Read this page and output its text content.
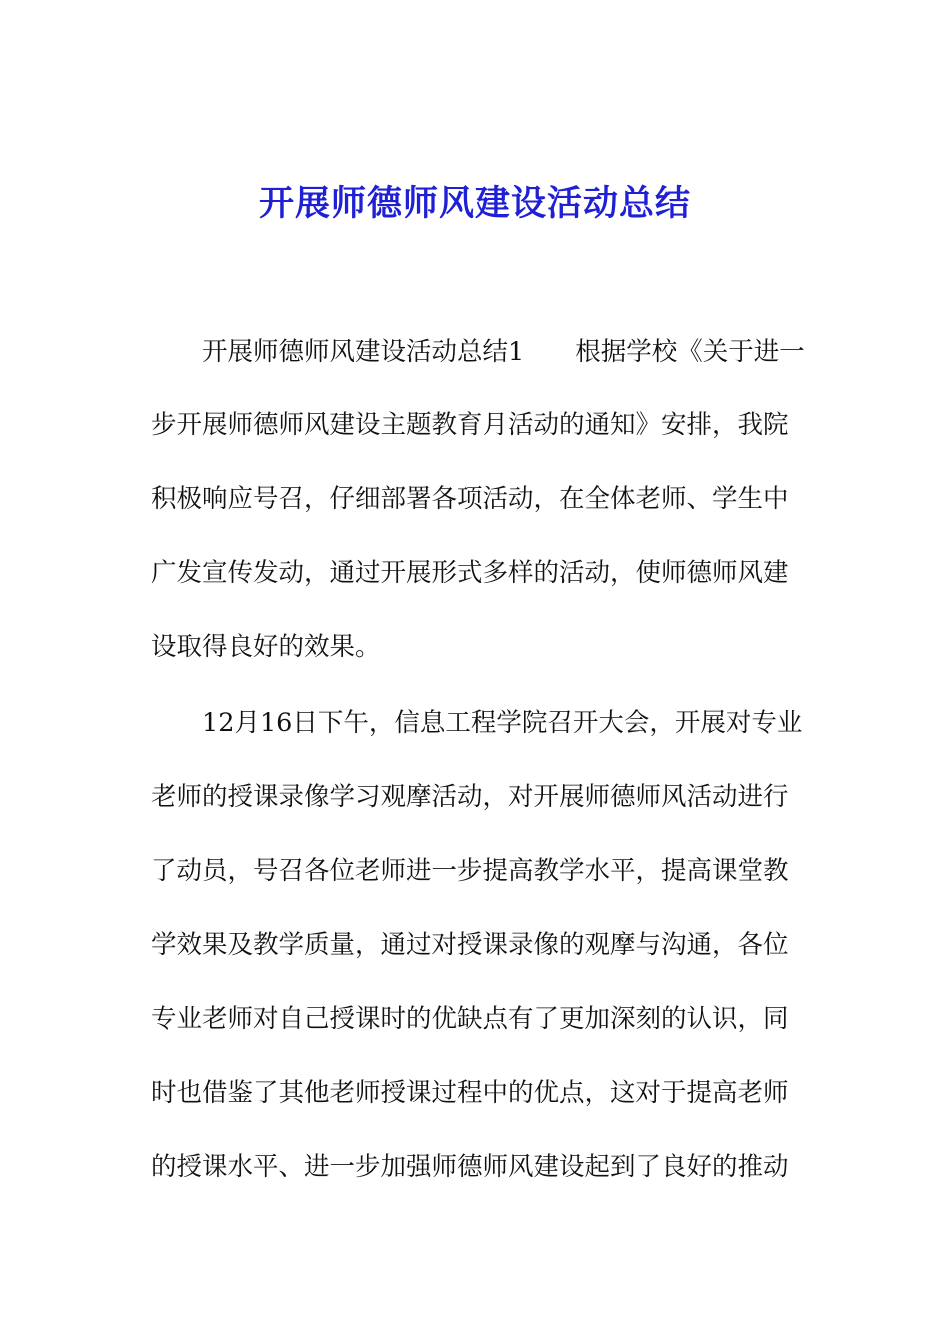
开展师德师风建设活动总结

　　开展师德师风建设活动总结1　　根据学校《关于进一

步开展师德师风建设主题教育月活动的通知》安排，我院

积极响应号召，仔细部署各项活动，在全体老师、学生中

广发宣传发动，通过开展形式多样的活动，使师德师风建

设取得良好的效果。

　　12月16日下午，信息工程学院召开大会，开展对专业

老师的授课录像学习观摩活动，对开展师德师风活动进行

了动员，号召各位老师进一步提高教学水平，提高课堂教

学效果及教学质量，通过对授课录像的观摩与沟通，各位

专业老师对自己授课时的优缺点有了更加深刻的认识，同

时也借鉴了其他老师授课过程中的优点，这对于提高老师

的授课水平、进一步加强师德师风建设起到了良好的推动
